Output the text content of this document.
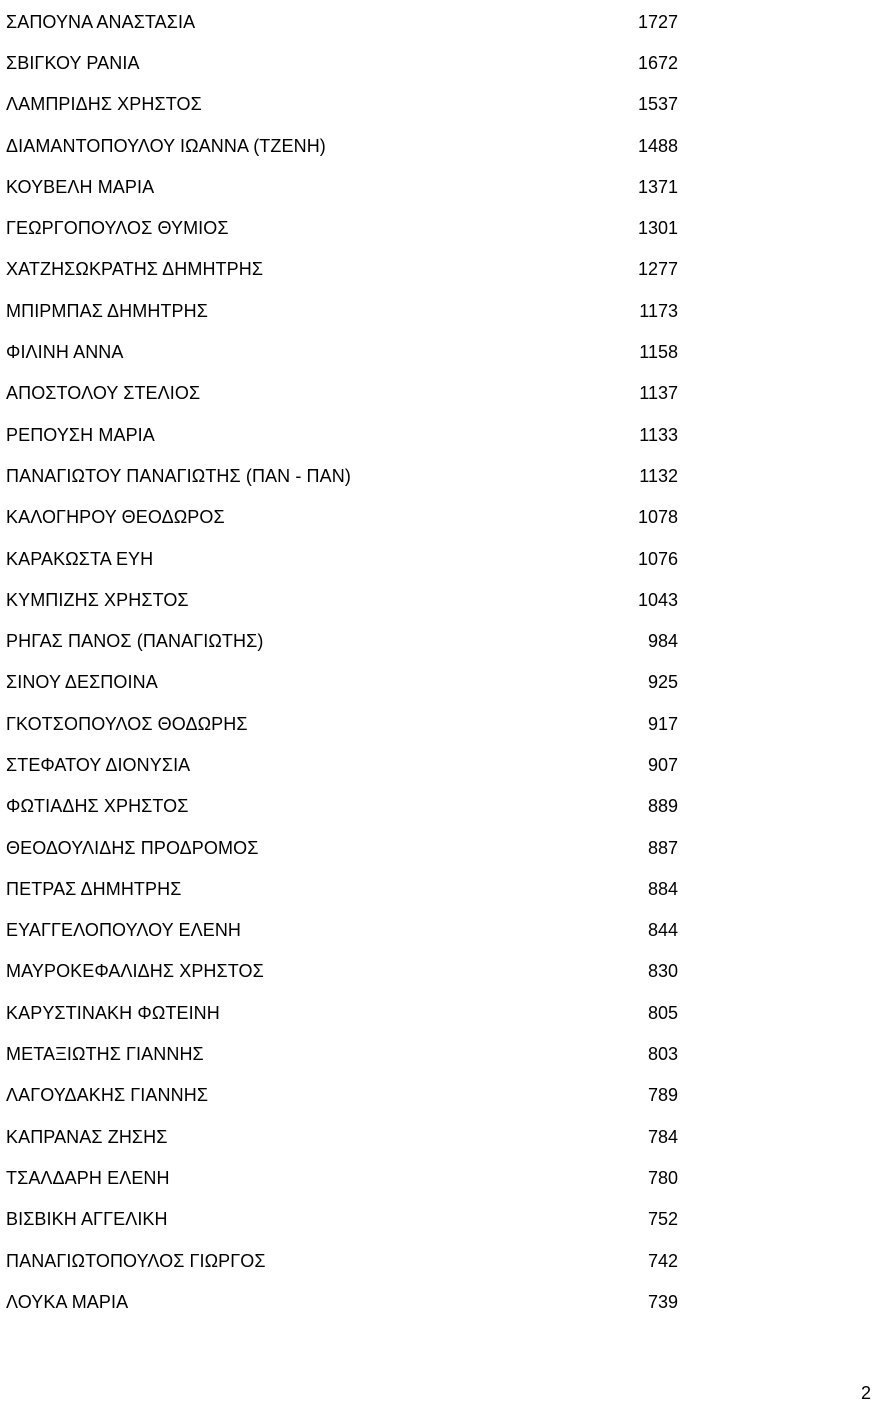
ΣΑΠΟΥΝΑ ΑΝΑΣΤΑΣΙΑ	1727
ΣΒΙΓΚΟΥ ΡΑΝΙΑ	1672
ΛΑΜΠΡΙΔΗΣ ΧΡΗΣΤΟΣ	1537
ΔΙΑΜΑΝΤΟΠΟΥΛΟΥ ΙΩΑΝΝΑ (ΤΖΕΝΗ)	1488
ΚΟΥΒΕΛΗ ΜΑΡΙΑ	1371
ΓΕΩΡΓΟΠΟΥΛΟΣ ΘΥΜΙΟΣ	1301
ΧΑΤΖΗΣΩΚΡΑΤΗΣ ΔΗΜΗΤΡΗΣ	1277
ΜΠΙΡΜΠΑΣ ΔΗΜΗΤΡΗΣ	1173
ΦΙΛΙΝΗ ΑΝΝΑ	1158
ΑΠΟΣΤΟΛΟΥ ΣΤΕΛΙΟΣ	1137
ΡΕΠΟΥΣΗ ΜΑΡΙΑ	1133
ΠΑΝΑΓΙΩΤΟΥ ΠΑΝΑΓΙΩΤΗΣ (ΠΑΝ - ΠΑΝ)	1132
ΚΑΛΟΓΗΡΟΥ ΘΕΟΔΩΡΟΣ	1078
ΚΑΡΑΚΩΣΤΑ ΕΥΗ	1076
ΚΥΜΠΙΖΗΣ ΧΡΗΣΤΟΣ	1043
ΡΗΓΑΣ ΠΑΝΟΣ (ΠΑΝΑΓΙΩΤΗΣ)	984
ΣΙΝΟΥ ΔΕΣΠΟΙΝΑ	925
ΓΚΟΤΣΟΠΟΥΛΟΣ ΘΟΔΩΡΗΣ	917
ΣΤΕΦΑΤΟΥ ΔΙΟΝΥΣΙΑ	907
ΦΩΤΙΑΔΗΣ ΧΡΗΣΤΟΣ	889
ΘΕΟΔΟΥΛΙΔΗΣ ΠΡΟΔΡΟΜΟΣ	887
ΠΕΤΡΑΣ ΔΗΜΗΤΡΗΣ	884
ΕΥΑΓΓΕΛΟΠΟΥΛΟΥ ΕΛΕΝΗ	844
ΜΑΥΡΟΚΕΦΑΛΙΔΗΣ ΧΡΗΣΤΟΣ	830
ΚΑΡΥΣΤΙΝΑΚΗ ΦΩΤΕΙΝΗ	805
ΜΕΤΑΞΙΩΤΗΣ ΓΙΑΝΝΗΣ	803
ΛΑΓΟΥΔΑΚΗΣ ΓΙΑΝΝΗΣ	789
ΚΑΠΡΑΝΑΣ ΖΗΣΗΣ	784
ΤΣΑΛΔΑΡΗ ΕΛΕΝΗ	780
ΒΙΣΒΙΚΗ ΑΓΓΕΛΙΚΗ	752
ΠΑΝΑΓΙΩΤΟΠΟΥΛΟΣ ΓΙΩΡΓΟΣ	742
ΛΟΥΚΑ ΜΑΡΙΑ	739
2
